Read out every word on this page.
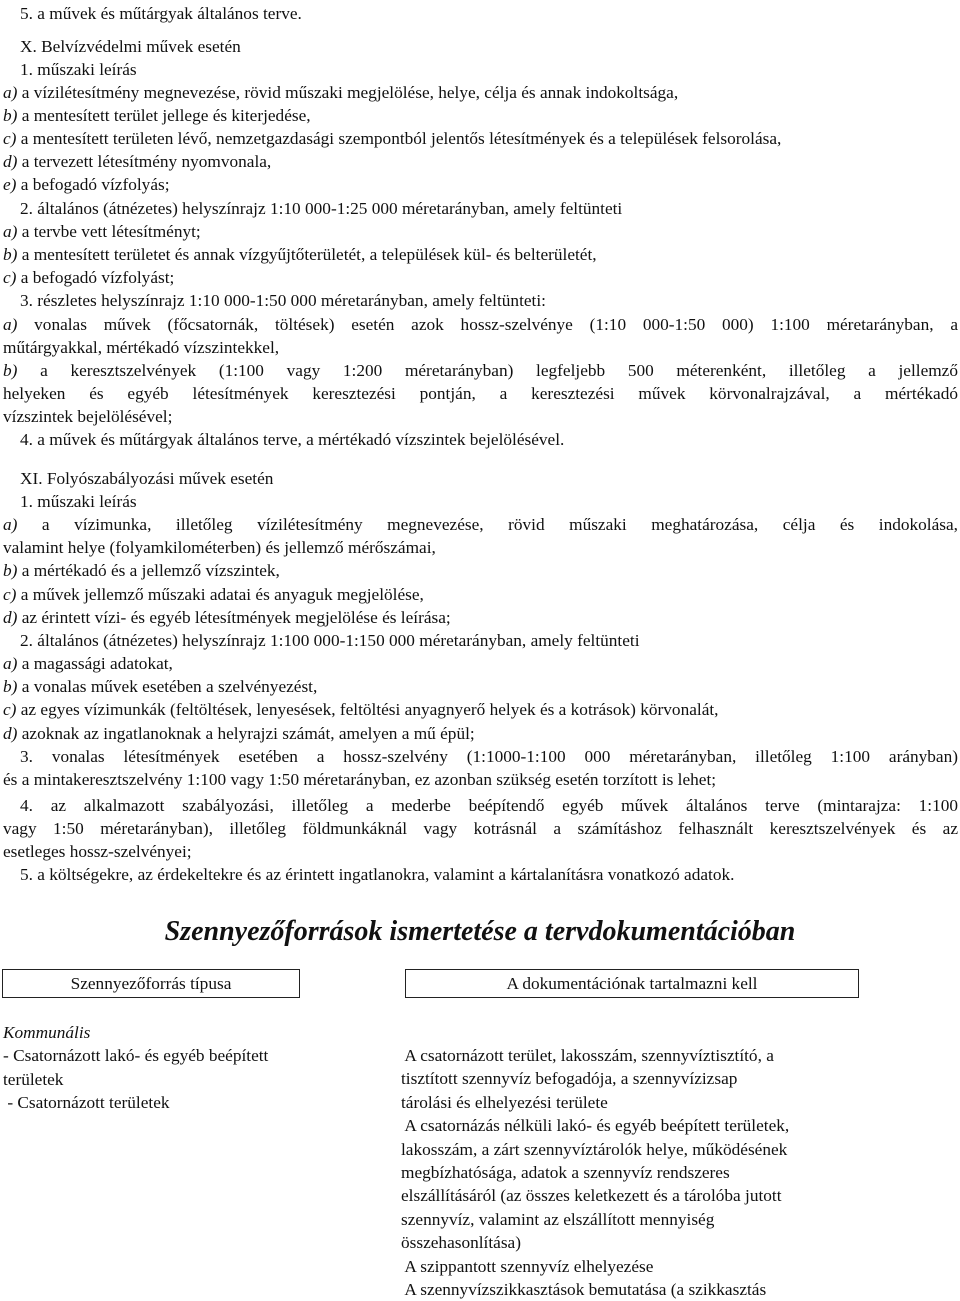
5. a művek és műtárgyak általános terve.
X. Belvízvédelmi művek esetén
1. műszaki leírás
a) a vízilétesítmény megnevezése, rövid műszaki megjelölése, helye, célja és annak indokoltsága,
b) a mentesített terület jellege és kiterjedése,
c) a mentesített területen lévő, nemzetgazdasági szempontból jelentős létesítmények és a települések felsorolása,
d) a tervezett létesítmény nyomvonala,
e) a befogadó vízfolyás;
2. általános (átnézetes) helyszínrajz 1:10 000-1:25 000 méretarányban, amely feltünteti
a) a tervbe vett létesítményt;
b) a mentesített területet és annak vízgyűjtőterületét, a települések kül- és belterületét,
c) a befogadó vízfolyást;
3. részletes helyszínrajz 1:10 000-1:50 000 méretarányban, amely feltünteti:
a) vonalas művek (főcsatornák, töltések) esetén azok hossz-szelvénye (1:10 000-1:50 000) 1:100 méretarányban, a
műtárgyakkal, mértékadó vízszintekkel,
b) a keresztszelvények (1:100 vagy 1:200 méretarányban) legfeljebb 500 méterenként, illetőleg a jellemző
helyeken és egyéb létesítmények keresztezési pontján, a keresztezési művek körvonalrajzával, a mértékadó
vízszintek bejelölésével;
4. a művek és műtárgyak általános terve, a mértékadó vízszintek bejelölésével.
XI. Folyószabályozási művek esetén
1. műszaki leírás
a) a vízimunka, illetőleg vízilétesítmény megnevezése, rövid műszaki meghatározása, célja és indokolása,
valamint helye (folyamkilométerben) és jellemző mérőszámai,
b) a mértékadó és a jellemző vízszintek,
c) a művek jellemző műszaki adatai és anyaguk megjelölése,
d) az érintett vízi- és egyéb létesítmények megjelölése és leírása;
2. általános (átnézetes) helyszínrajz 1:100 000-1:150 000 méretarányban, amely feltünteti
a) a magassági adatokat,
b) a vonalas művek esetében a szelvényezést,
c) az egyes vízimunkák (feltöltések, lenyesések, feltöltési anyagnyerő helyek és a kotrások) körvonalát,
d) azoknak az ingatlanoknak a helyrajzi számát, amelyen a mű épül;
3. vonalas létesítmények esetében a hossz-szelvény (1:1000-1:100 000 méretarányban, illetőleg 1:100 arányban)
és a mintakeresztszelvény 1:100 vagy 1:50 méretarányban, ez azonban szükség esetén torzított is lehet;
4. az alkalmazott szabályozási, illetőleg a mederbe beépítendő egyéb művek általános terve (mintarajza: 1:100
vagy 1:50 méretarányban), illetőleg földmunkáknál vagy kotrásnál a számításhoz felhasznált keresztszelvények és az
esetleges hossz-szelvényei;
5. a költségekre, az érdekeltekre és az érintett ingatlanokra, valamint a kártalanításra vonatkozó adatok.
Szennyezőforrások ismertetése a tervdokumentációban
Szennyezőforrás típusa	A dokumentációnak tartalmazni kell
Kommunális
- Csatornázott lakó- és egyéb beépített
területek
- Csatornázott területek
A csatornázott terület, lakosszám, szennyvíztisztító, a
tisztított szennyvíz befogadója, a szennyvízizsap
tárolási és elhelyezési területe
A csatornázás nélküli lakó- és egyéb beépített területek,
lakosszám, a zárt szennyvíztárolók helye, működésének
megbízhatósága, adatok a szennyvíz rendszeres
elszállításáról (az összes keletkezett és a tárolóba jutott
szennyvíz, valamint az elszállított mennyiség
összehasonlítása)
A szippantott szennyvíz elhelyezése
A szennyvízszikkasztások bemutatása (a szikkasztás
